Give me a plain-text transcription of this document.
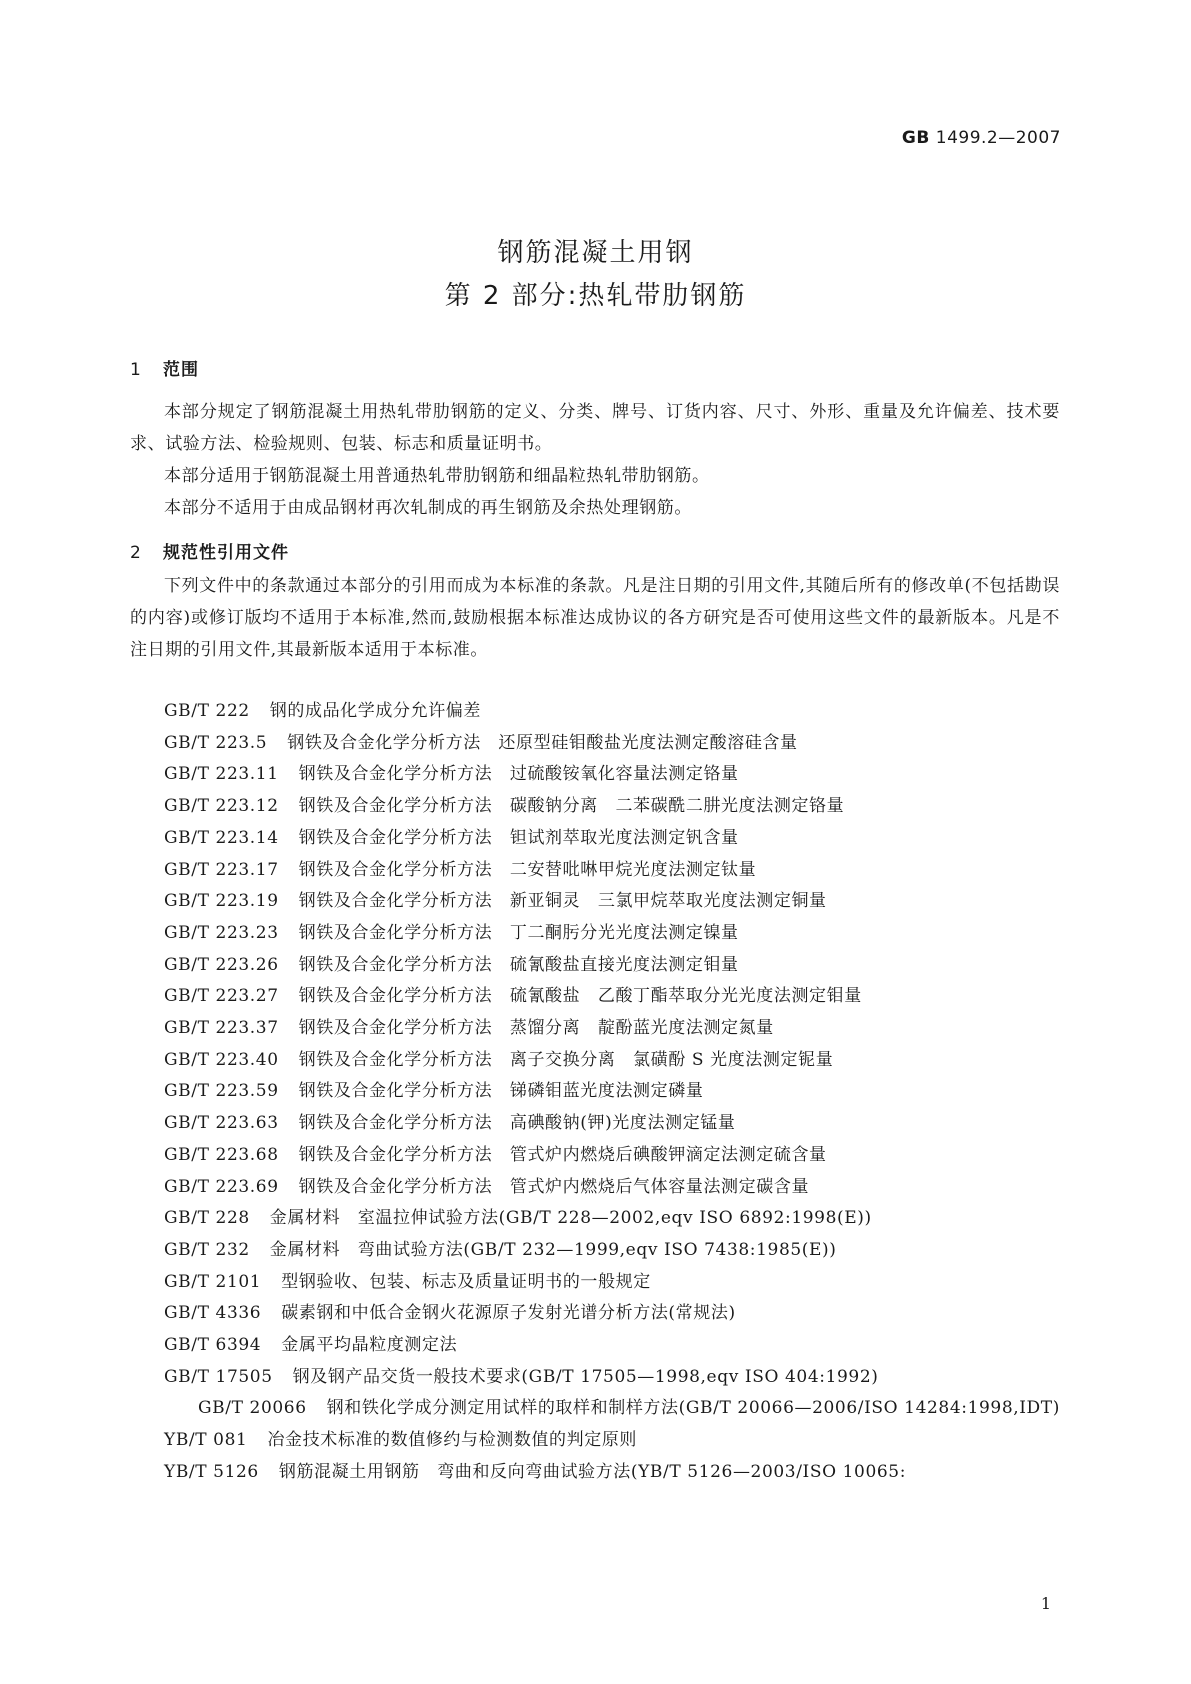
GB 1499.2—2007
钢筋混凝土用钢
第 2 部分:热轧带肋钢筋
1 范围
本部分规定了钢筋混凝土用热轧带肋钢筋的定义、分类、牌号、订货内容、尺寸、外形、重量及允许偏差、技术要求、试验方法、检验规则、包装、标志和质量证明书。
本部分适用于钢筋混凝土用普通热轧带肋钢筋和细晶粒热轧带肋钢筋。
本部分不适用于由成品钢材再次轧制成的再生钢筋及余热处理钢筋。
2 规范性引用文件
下列文件中的条款通过本部分的引用而成为本标准的条款。凡是注日期的引用文件,其随后所有的修改单(不包括勘误的内容)或修订版均不适用于本标准,然而,鼓励根据本标准达成协议的各方研究是否可使用这些文件的最新版本。凡是不注日期的引用文件,其最新版本适用于本标准。
GB/T 222 钢的成品化学成分允许偏差
GB/T 223.5 钢铁及合金化学分析方法　还原型硅钼酸盐光度法测定酸溶硅含量
GB/T 223.11 钢铁及合金化学分析方法　过硫酸铵氧化容量法测定铬量
GB/T 223.12 钢铁及合金化学分析方法　碳酸钠分离　二苯碳酰二肼光度法测定铬量
GB/T 223.14 钢铁及合金化学分析方法　钽试剂萃取光度法测定钒含量
GB/T 223.17 钢铁及合金化学分析方法　二安替吡啉甲烷光度法测定钛量
GB/T 223.19 钢铁及合金化学分析方法　新亚铜灵　三氯甲烷萃取光度法测定铜量
GB/T 223.23 钢铁及合金化学分析方法　丁二酮肟分光光度法测定镍量
GB/T 223.26 钢铁及合金化学分析方法　硫氰酸盐直接光度法测定钼量
GB/T 223.27 钢铁及合金化学分析方法　硫氰酸盐　乙酸丁酯萃取分光光度法测定钼量
GB/T 223.37 钢铁及合金化学分析方法　蒸馏分离　靛酚蓝光度法测定氮量
GB/T 223.40 钢铁及合金化学分析方法　离子交换分离　氯磺酚 S 光度法测定铌量
GB/T 223.59 钢铁及合金化学分析方法　锑磷钼蓝光度法测定磷量
GB/T 223.63 钢铁及合金化学分析方法　高碘酸钠(钾)光度法测定锰量
GB/T 223.68 钢铁及合金化学分析方法　管式炉内燃烧后碘酸钾滴定法测定硫含量
GB/T 223.69 钢铁及合金化学分析方法　管式炉内燃烧后气体容量法测定碳含量
GB/T 228 金属材料　室温拉伸试验方法(GB/T 228—2002,eqv ISO 6892:1998(E))
GB/T 232 金属材料　弯曲试验方法(GB/T 232—1999,eqv ISO 7438:1985(E))
GB/T 2101 型钢验收、包装、标志及质量证明书的一般规定
GB/T 4336 碳素钢和中低合金钢火花源原子发射光谱分析方法(常规法)
GB/T 6394 金属平均晶粒度测定法
GB/T 17505 钢及钢产品交货一般技术要求(GB/T 17505—1998,eqv ISO 404:1992)
GB/T 20066 钢和铁化学成分测定用试样的取样和制样方法(GB/T 20066—2006/ISO 14284:1998,IDT)
YB/T 081 冶金技术标准的数值修约与检测数值的判定原则
YB/T 5126 钢筋混凝土用钢筋　弯曲和反向弯曲试验方法(YB/T 5126—2003/ISO 10065:
1
